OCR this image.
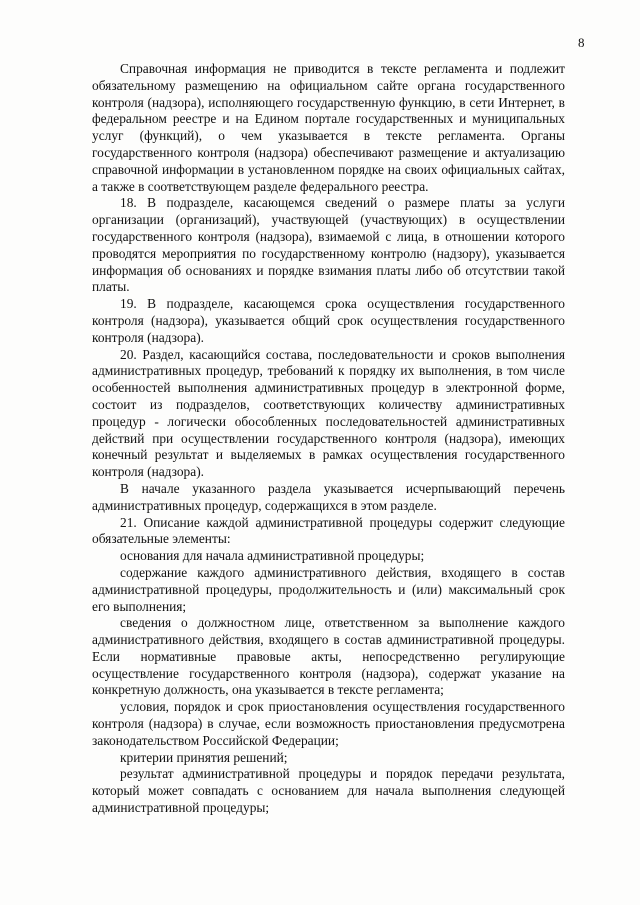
8

Справочная информация не приводится в тексте регламента и подлежит обязательному размещению на официальном сайте органа государственного контроля (надзора), исполняющего государственную функцию, в сети Интернет, в федеральном реестре и на Едином портале государственных и муниципальных услуг (функций), о чем указывается в тексте регламента. Органы государственного контроля (надзора) обеспечивают размещение и актуализацию справочной информации в установленном порядке на своих официальных сайтах, а также в соответствующем разделе федерального реестра.

18. В подразделе, касающемся сведений о размере платы за услуги организации (организаций), участвующей (участвующих) в осуществлении государственного контроля (надзора), взимаемой с лица, в отношении которого проводятся мероприятия по государственному контролю (надзору), указывается информация об основаниях и порядке взимания платы либо об отсутствии такой платы.

19. В подразделе, касающемся срока осуществления государственного контроля (надзора), указывается общий срок осуществления государственного контроля (надзора).

20. Раздел, касающийся состава, последовательности и сроков выполнения административных процедур, требований к порядку их выполнения, в том числе особенностей выполнения административных процедур в электронной форме, состоит из подразделов, соответствующих количеству административных процедур - логически обособленных последовательностей административных действий при осуществлении государственного контроля (надзора), имеющих конечный результат и выделяемых в рамках осуществления государственного контроля (надзора).

В начале указанного раздела указывается исчерпывающий перечень административных процедур, содержащихся в этом разделе.

21. Описание каждой административной процедуры содержит следующие обязательные элементы:

основания для начала административной процедуры;

содержание каждого административного действия, входящего в состав административной процедуры, продолжительность и (или) максимальный срок его выполнения;

сведения о должностном лице, ответственном за выполнение каждого административного действия, входящего в состав административной процедуры. Если нормативные правовые акты, непосредственно регулирующие осуществление государственного контроля (надзора), содержат указание на конкретную должность, она указывается в тексте регламента;

условия, порядок и срок приостановления осуществления государственного контроля (надзора) в случае, если возможность приостановления предусмотрена законодательством Российской Федерации;

критерии принятия решений;

результат административной процедуры и порядок передачи результата, который может совпадать с основанием для начала выполнения следующей административной процедуры;
